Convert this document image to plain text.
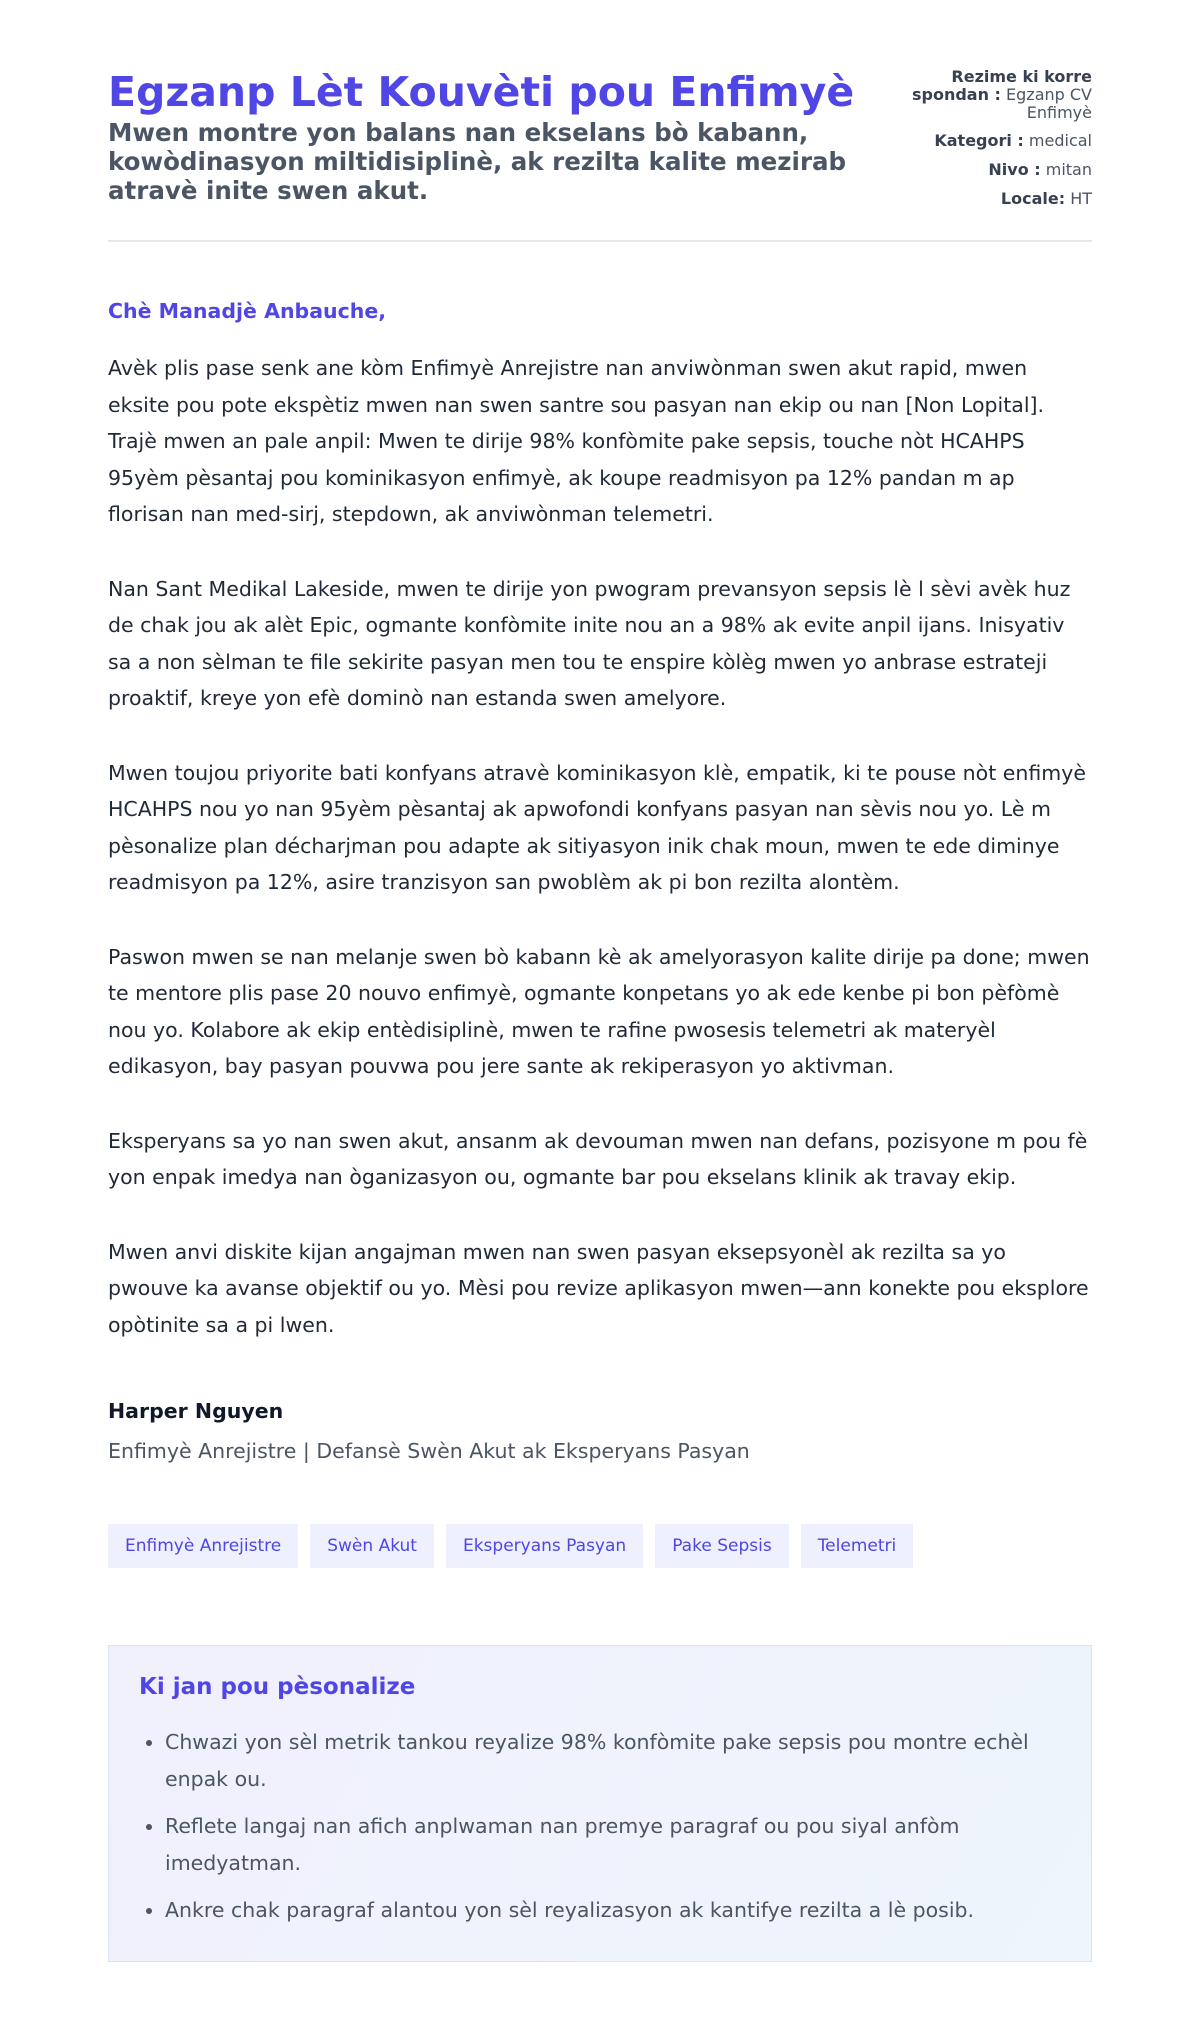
Egzanp Lèt Kouvèti pou Enfimyè
Mwen montre yon balans nan ekselans bò kabann, kowòdinasyon miltidisiplinè, ak rezilta kalite mezirab atravè inite swen akut.
Rezime ki korre spondan : Egzanp CV Enfimyè
Kategori : medical
Nivo : mitan
Locale: HT

Chè Manadjè Anbauche,

Avèk plis pase senk ane kòm Enfimyè Anrejistre nan anviwònman swen akut rapid, mwen eksite pou pote ekspètiz mwen nan swen santre sou pasyan nan ekip ou nan [Non Lopital]. Trajè mwen an pale anpil: Mwen te dirije 98% konfòmite pake sepsis, touche nòt HCAHPS 95yèm pèsantaj pou kominikasyon enfimyè, ak koupe readmisyon pa 12% pandan m ap florisan nan med-sirj, stepdown, ak anviwònman telemetri.

Nan Sant Medikal Lakeside, mwen te dirije yon pwogram prevansyon sepsis lè l sèvi avèk huz de chak jou ak alèt Epic, ogmante konfòmite inite nou an a 98% ak evite anpil ijans. Inisyativ sa a non sèlman te file sekirite pasyan men tou te enspire kòlèg mwen yo anbrase estrateji proaktif, kreye yon efè dominò nan estanda swen amelyore.

Mwen toujou priyorite bati konfyans atravè kominikasyon klè, empatik, ki te pouse nòt enfimyè HCAHPS nou yo nan 95yèm pèsantaj ak apwofondi konfyans pasyan nan sèvis nou yo. Lè m pèsonalize plan décharjman pou adapte ak sitiyasyon inik chak moun, mwen te ede diminye readmisyon pa 12%, asire tranzisyon san pwoblèm ak pi bon rezilta alontèm.

Paswon mwen se nan melanje swen bò kabann kè ak amelyorasyon kalite dirije pa done; mwen te mentore plis pase 20 nouvo enfimyè, ogmante konpetans yo ak ede kenbe pi bon pèfòmè nou yo. Kolabore ak ekip entèdisiplinè, mwen te rafine pwosesis telemetri ak materyèl edikasyon, bay pasyan pouvwa pou jere sante ak rekiperasyon yo aktivman.

Eksperyans sa yo nan swen akut, ansanm ak devouman mwen nan defans, pozisyone m pou fè yon enpak imedya nan òganizasyon ou, ogmante bar pou ekselans klinik ak travay ekip.

Mwen anvi diskite kijan angajman mwen nan swen pasyan eksepsyonèl ak rezilta sa yo pwouve ka avanse objektif ou yo. Mèsi pou revize aplikasyon mwen—ann konekte pou eksplore opòtinite sa a pi lwen.

Harper Nguyen

Enfimyè Anrejistre | Defansè Swèn Akut ak Eksperyans Pasyan

Enfimyè Anrejistre	Swèn Akut	Eksperyans Pasyan	Pake Sepsis	Telemetri
Ki jan pou pèsonalize
• Chwazi yon sèl metrik tankou reyalize 98% konfòmite pake sepsis pou montre echèl enpak ou.
• Reflete langaj nan afich anplwaman nan premye paragraf ou pou siyal anfòm imedyatman.
• Ankre chak paragraf alantou yon sèl reyalizasyon ak kantifye rezilta a lè posib.
